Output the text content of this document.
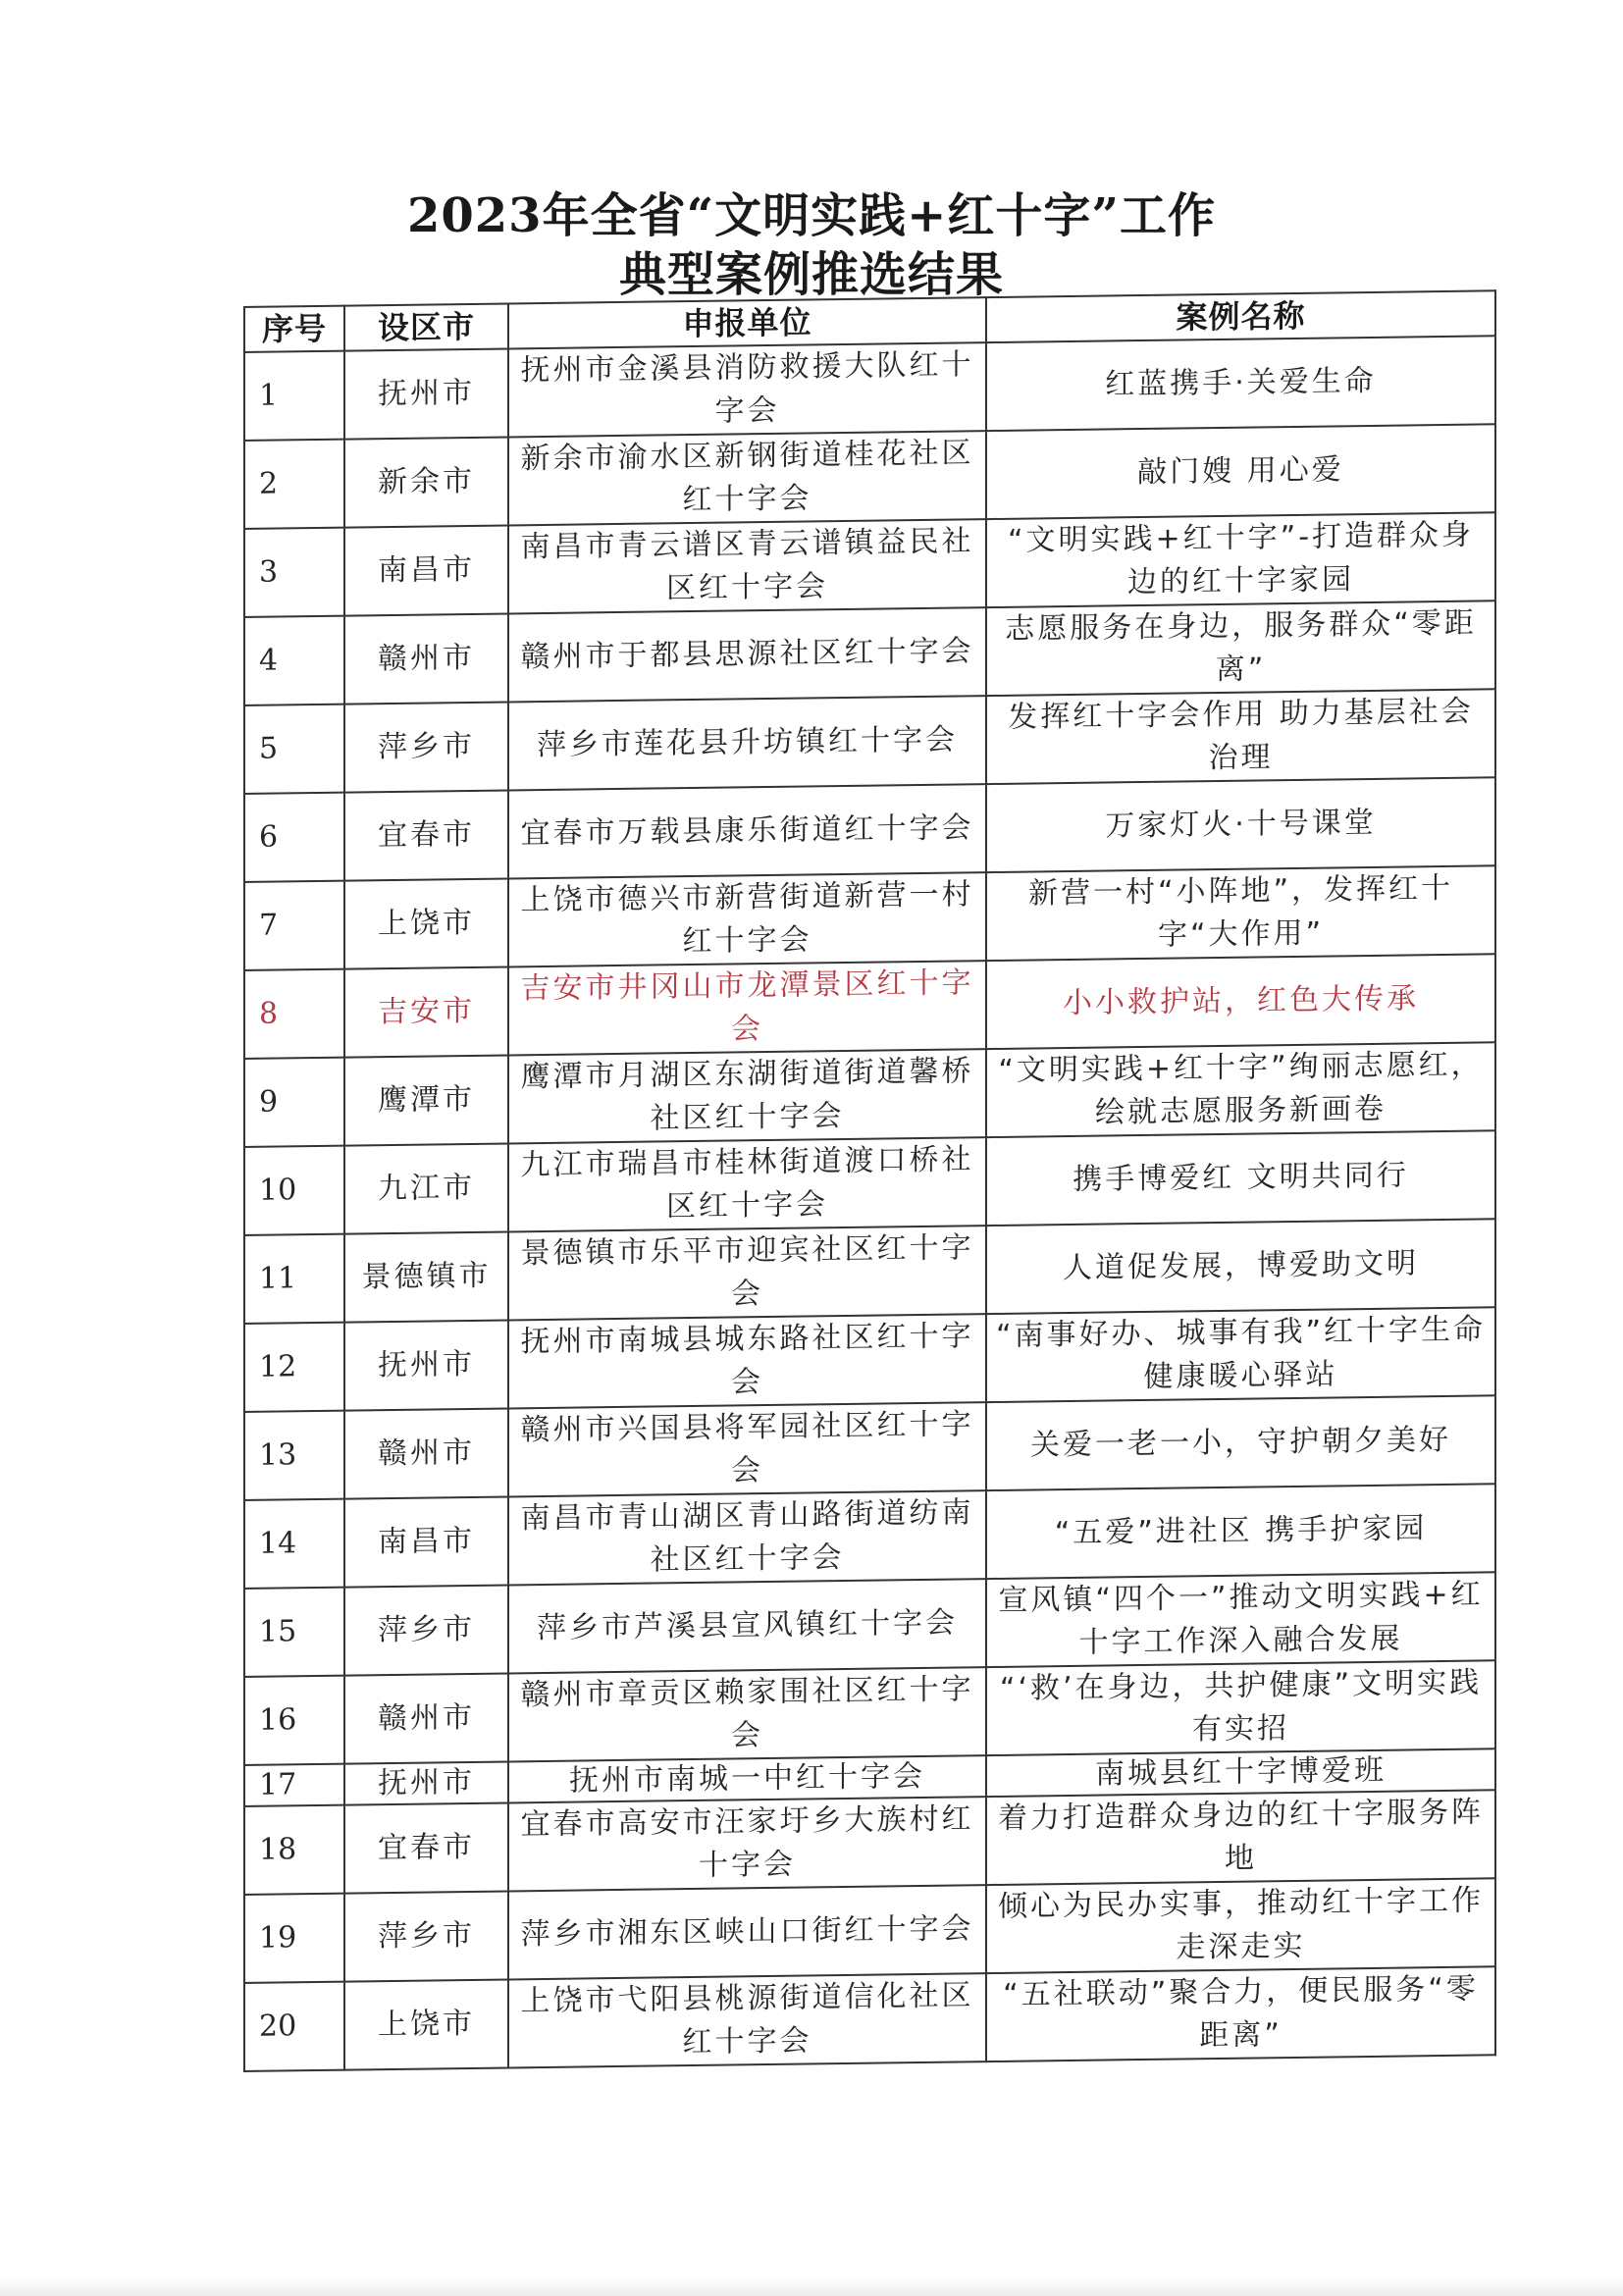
2023年全省“文明实践+红十字”工作
典型案例推选结果
序号	设区市	申报单位	案例名称
1	抚州市	抚州市金溪县消防救援大队红十字会	红蓝携手·关爱生命
2	新余市	新余市渝水区新钢街道桂花社区红十字会	敲门嫂 用心爱
3	南昌市	南昌市青云谱区青云谱镇益民社区红十字会	“文明实践+红十字”-打造群众身边的红十字家园
4	赣州市	赣州市于都县思源社区红十字会	志愿服务在身边，服务群众“零距离”
5	萍乡市	萍乡市莲花县升坊镇红十字会	发挥红十字会作用 助力基层社会治理
6	宜春市	宜春市万载县康乐街道红十字会	万家灯火·十号课堂
7	上饶市	上饶市德兴市新营街道新营一村红十字会	新营一村“小阵地”，发挥红十字“大作用”
8	吉安市	吉安市井冈山市龙潭景区红十字会	小小救护站，红色大传承
9	鹰潭市	鹰潭市月湖区东湖街道街道馨桥社区红十字会	“文明实践+红十字”绚丽志愿红，绘就志愿服务新画卷
10	九江市	九江市瑞昌市桂林街道渡口桥社区红十字会	携手博爱红 文明共同行
11	景德镇市	景德镇市乐平市迎宾社区红十字会	人道促发展，博爱助文明
12	抚州市	抚州市南城县城东路社区红十字会	“南事好办、城事有我”红十字生命健康暖心驿站
13	赣州市	赣州市兴国县将军园社区红十字会	关爱一老一小，守护朝夕美好
14	南昌市	南昌市青山湖区青山路街道纺南社区红十字会	“五爱”进社区 携手护家园
15	萍乡市	萍乡市芦溪县宣风镇红十字会	宣风镇“四个一”推动文明实践+红十字工作深入融合发展
16	赣州市	赣州市章贡区赖家围社区红十字会	“‘救’在身边，共护健康”文明实践有实招
17	抚州市	抚州市南城一中红十字会	南城县红十字博爱班
18	宜春市	宜春市高安市汪家圩乡大族村红十字会	着力打造群众身边的红十字服务阵地
19	萍乡市	萍乡市湘东区峡山口街红十字会	倾心为民办实事，推动红十字工作走深走实
20	上饶市	上饶市弋阳县桃源街道信化社区红十字会	“五社联动”聚合力，便民服务“零距离”
